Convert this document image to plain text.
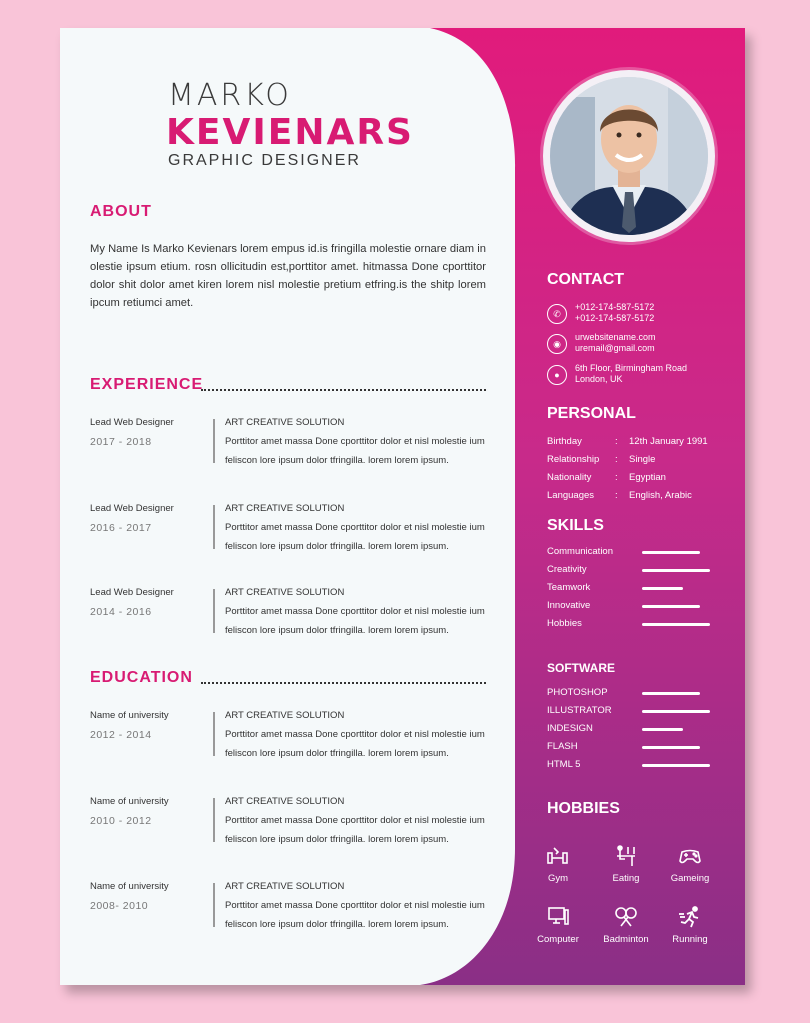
MARKO
KEVIENARS
GRAPHIC DESIGNER
ABOUT
My Name Is Marko Kevienars lorem empus id.is fringilla molestie ornare diam in olestie ipsum etium. rosn ollicitudin est,porttitor amet. hitmassa Done cporttitor dolor shit dolor amet kiren lorem nisl molestie pretium etfring.is the shitp lorem ipcum retiumci amet.
EXPERIENCE
Lead Web Designer
2017 - 2018
ART CREATIVE SOLUTION
Porttitor amet massa Done cporttitor dolor et nisl molestie ium feliscon lore ipsum dolor tfringilla. lorem lorem ipsum.
Lead Web Designer
2016 - 2017
ART CREATIVE SOLUTION
Porttitor amet massa Done cporttitor dolor et nisl molestie ium feliscon lore ipsum dolor tfringilla. lorem lorem ipsum.
Lead Web Designer
2014 - 2016
ART CREATIVE SOLUTION
Porttitor amet massa Done cporttitor dolor et nisl molestie ium feliscon lore ipsum dolor tfringilla. lorem lorem ipsum.
EDUCATION
Name of university
2012 - 2014
ART CREATIVE SOLUTION
Porttitor amet massa Done cporttitor dolor et nisl molestie ium feliscon lore ipsum dolor tfringilla. lorem lorem ipsum.
Name of university
2010 - 2012
ART CREATIVE SOLUTION
Porttitor amet massa Done cporttitor dolor et nisl molestie ium feliscon lore ipsum dolor tfringilla. lorem lorem ipsum.
Name of university
2008- 2010
ART CREATIVE SOLUTION
Porttitor amet massa Done cporttitor dolor et nisl molestie ium feliscon lore ipsum dolor tfringilla. lorem lorem ipsum.
CONTACT
✆
+012-174-587-5172
+012-174-587-5172
◉
urwebsitename.com
uremail@gmail.com
●
6th Floor, Birmingham Road
London, UK
PERSONAL
Birthday	: 12th January 1991
Relationship : Single
Nationality : Egyptian
Languages : English, Arabic
SKILLS
Communication
Creativity
Teamwork
Innovative
Hobbies
SOFTWARE
PHOTOSHOP
ILLUSTRATOR
INDESIGN
FLASH
HTML 5
HOBBIES
Gym	Eating	Gameing
Computer	Badminton	Running
